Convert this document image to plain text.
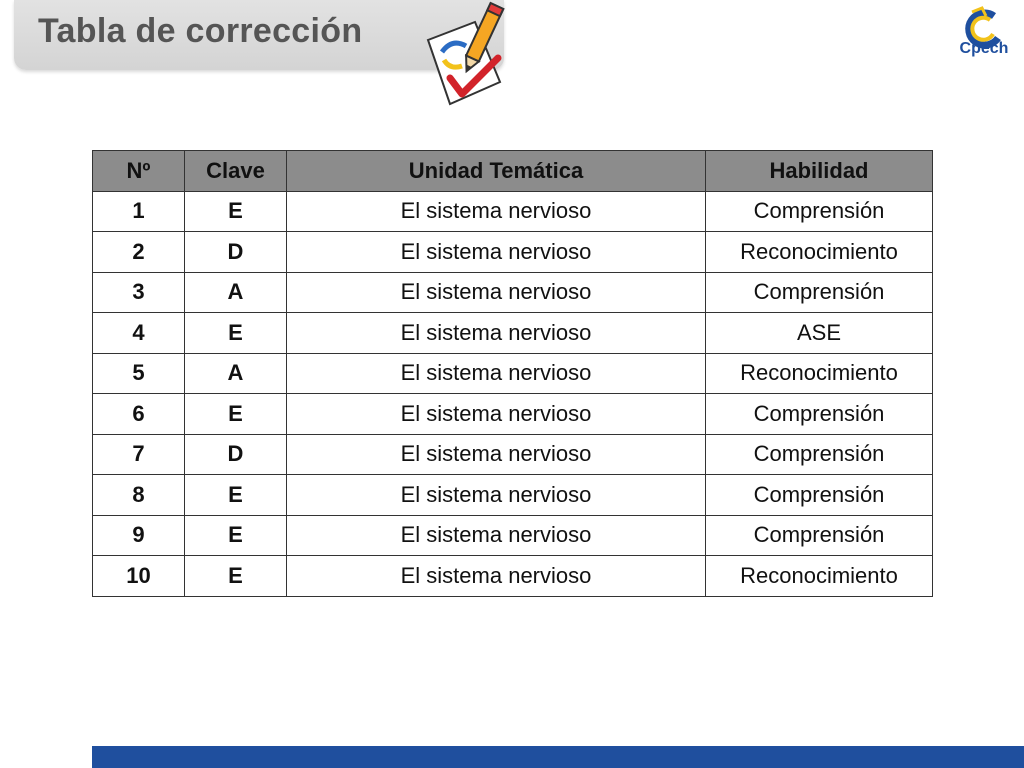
Tabla de corrección	Cpech
Nº	Clave	Unidad Temática	Habilidad
1	E	El sistema nervioso	Comprensión
2	D	El sistema nervioso	Reconocimiento
3	A	El sistema nervioso	Comprensión
4	E	El sistema nervioso	ASE
5	A	El sistema nervioso	Reconocimiento
6	E	El sistema nervioso	Comprensión
7	D	El sistema nervioso	Comprensión
8	E	El sistema nervioso	Comprensión
9	E	El sistema nervioso	Comprensión
10	E	El sistema nervioso	Reconocimiento
